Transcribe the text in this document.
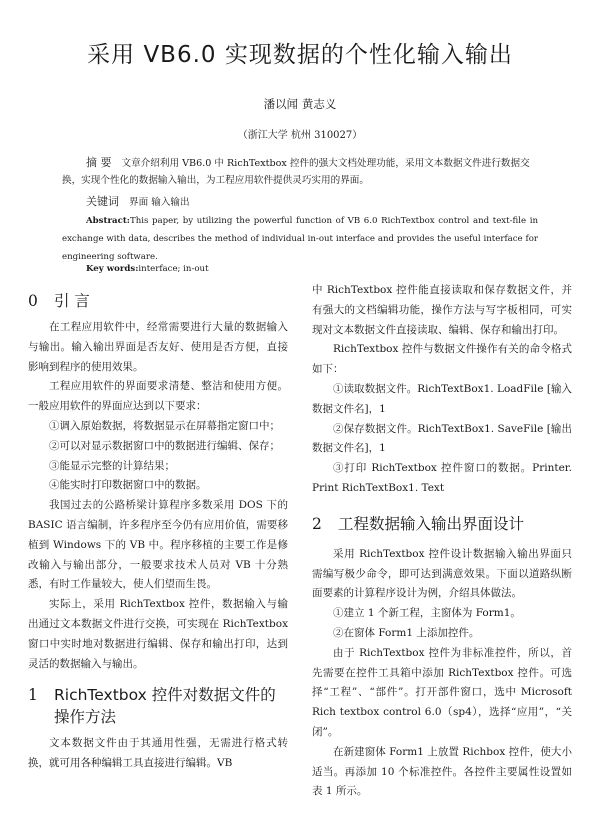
采用 VB6.0 实现数据的个性化输入输出
潘以闻 黄志义
（浙江大学 杭州 310027）
摘 要 文章介绍利用 VB6.0 中 RichTextbox 控件的强大文档处理功能，采用文本数据文件进行数据交换，实现个性化的数据输入输出，为工程应用软件提供灵巧实用的界面。
关键词 界面 输入输出
Abstract:This paper, by utilizing the powerful function of VB 6.0 RichTextbox control and text-file in exchange with data, describes the method of individual in-out interface and provides the useful interface for engineering software.
Key words:interface; in-out
0 引 言

在工程应用软件中，经常需要进行大量的数据输入与输出。输入输出界面是否友好、使用是否方便，直接影响到程序的使用效果。

工程应用软件的界面要求清楚、整洁和使用方便。一般应用软件的界面应达到以下要求：

①调入原始数据，将数据显示在屏幕指定窗口中；

②可以对显示数据窗口中的数据进行编辑、保存；

③能显示完整的计算结果；

④能实时打印数据窗口中的数据。

我国过去的公路桥梁计算程序多数采用 DOS 下的 BASIC 语言编制，许多程序至今仍有应用价值，需要移植到 Windows 下的 VB 中。程序移植的主要工作是修改输入与输出部分，一般要求技术人员对 VB 十分熟悉，有时工作量较大，使人们望而生畏。

实际上，采用 RichTextbox 控件，数据输入与输出通过文本数据文件进行交换，可实现在 RichTextbox 窗口中实时地对数据进行编辑、保存和输出打印，达到灵活的数据输入与输出。

1 RichTextbox 控件对数据文件的
操作方法

文本数据文件由于其通用性强，无需进行格式转换，就可用各种编辑工具直接进行编辑。VB

中 RichTextbox 控件能直接读取和保存数据文件，并有强大的文档编辑功能，操作方法与写字板相同，可实现对文本数据文件直接读取、编辑、保存和输出打印。

RichTextbox 控件与数据文件操作有关的命令格式如下：

①读取数据文件。RichTextBox1. LoadFile [输入数据文件名]，1

②保存数据文件。RichTextBox1. SaveFile [输出数据文件名]，1

③打印 RichTextbox 控件窗口的数据。Printer. Print RichTextBox1. Text

2 工程数据输入输出界面设计

采用 RichTextbox 控件设计数据输入输出界面只需编写极少命令，即可达到满意效果。下面以道路纵断面要素的计算程序设计为例，介绍具体做法。

①建立 1 个新工程，主窗体为 Form1。

②在窗体 Form1 上添加控件。

由于 RichTextbox 控件为非标准控件，所以，首先需要在控件工具箱中添加 RichTextbox 控件。可选择“工程”、“部件”。打开部件窗口，选中 Microsoft Rich textbox control 6.0（sp4），选择“应用”，“关闭”。

在新建窗体 Form1 上放置 Richbox 控件，使大小适当。再添加 10 个标准控件。各控件主要属性设置如表 1 所示。
